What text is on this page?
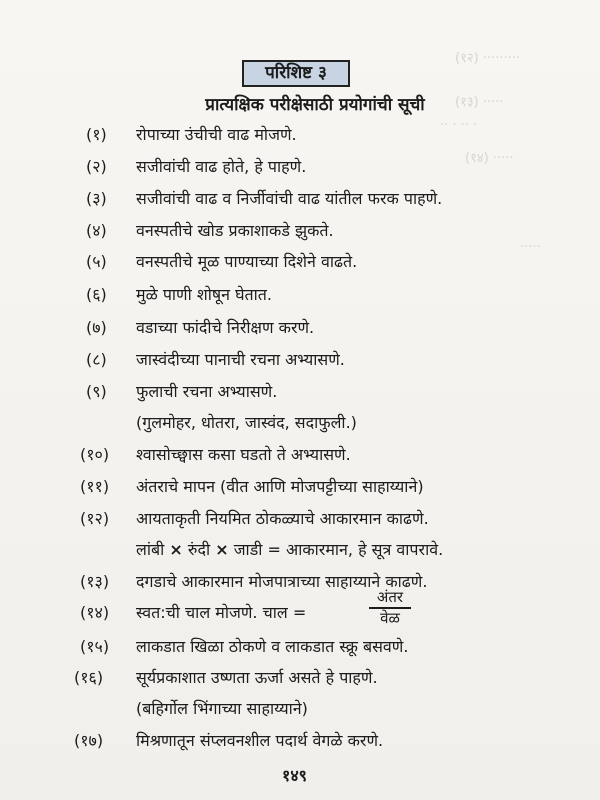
(१२) ·········
(१३) ·····
·· · ·· ·
(१४) ·····
·····
परिशिष्ट ३
प्रात्यक्षिक परीक्षेसाठी प्रयोगांची सूची
(१) रोपाच्या उंचीची वाढ मोजणे.
(२) सजीवांची वाढ होते, हे पाहणे.
(३) सजीवांची वाढ व निर्जीवांची वाढ यांतील फरक पाहणे.
(४) वनस्पतीचे खोड प्रकाशाकडे झुकते.
(५) वनस्पतीचे मूळ पाण्याच्या दिशेने वाढते.
(६) मुळे पाणी शोषून घेतात.
(७) वडाच्या फांदीचे निरीक्षण करणे.
(८) जास्वंदीच्या पानाची रचना अभ्यासणे.
(९) फुलाची रचना अभ्यासणे.
(गुलमोहर, धोतरा, जास्वंद, सदाफुली.)
(१०) श्वासोच्छ्वास कसा घडतो ते अभ्यासणे.
(११) अंतराचे मापन (वीत आणि मोजपट्टीच्या साहाय्याने)
(१२) आयताकृती नियमित ठोकळ्याचे आकारमान काढणे.
लांबी × रुंदी × जाडी = आकारमान, हे सूत्र वापरावे.
(१३) दगडाचे आकारमान मोजपात्राच्या साहाय्याने काढणे.
(१४) स्वत:ची चाल मोजणे. चाल =
अंतर
वेळ
(१५) लाकडात खिळा ठोकणे व लाकडात स्क्रू बसवणे.
(१६) सूर्यप्रकाशात उष्णता ऊर्जा असते हे पाहणे.
(बहिर्गोल भिंगाच्या साहाय्याने)
(१७) मिश्रणातून संप्लवनशील पदार्थ वेगळे करणे.
१४९
